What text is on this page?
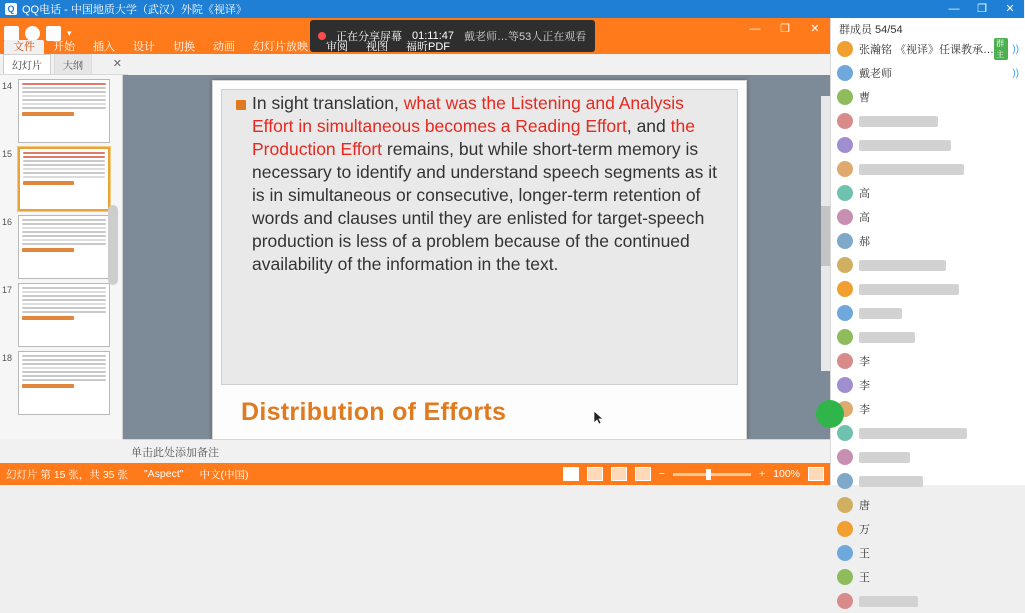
Q QQ电话 - 中国地质大学（武汉）外院《视译》	—	❐	✕
▾	正在分享屏幕 01:11:47 戴老师…等53人正在观看
—	❐	✕
文件	开始	插入	设计	切换	动画	幻灯片放映	审阅	视图	福昕PDF
幻灯片	大纲	✕
14
15
16
17
18
In sight translation, what was the Listening and Analysis Effort in simultaneous becomes a Reading Effort, and the Production Effort remains, but while short-term memory is necessary to identify and understand speech segments as it is in simultaneous or consecutive, longer-term retention of words and clauses until they are enlisted for target-speech production is less of a problem because of the continued availability of the information in the text.
Distribution of Efforts
单击此处添加备注
幻灯片 第 15 张，共 35 张 "Aspect" 中文(中国)	−	+ 100%
群成员 54/54
张瀚铭 《视译》任课教承…
群主 ))
戴老师	))
曹
高
高
郝
李
李
李
唐
万
王
王
